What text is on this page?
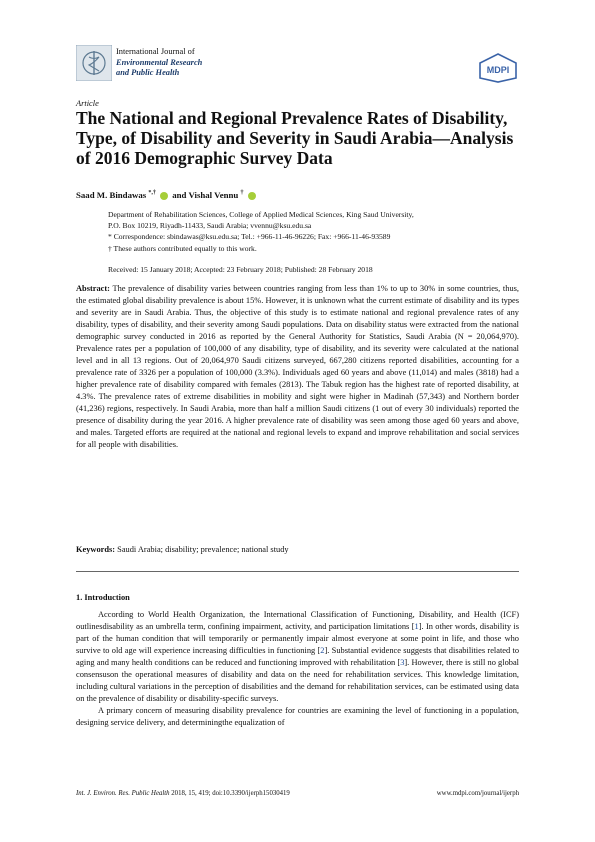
International Journal of
Environmental Research
and Public Health	MDPI
Article
The National and Regional Prevalence Rates of Disability, Type, of Disability and Severity in Saudi Arabia—Analysis of 2016 Demographic Survey Data
Saad M. Bindawas *,† and Vishal Vennu †
Department of Rehabilitation Sciences, College of Applied Medical Sciences, King Saud University,
P.O. Box 10219, Riyadh-11433, Saudi Arabia; vvennu@ksu.edu.sa
* Correspondence: sbindawas@ksu.edu.sa; Tel.: +966-11-46-96226; Fax: +966-11-46-93589
† These authors contributed equally to this work.
Received: 15 January 2018; Accepted: 23 February 2018; Published: 28 February 2018
Abstract: The prevalence of disability varies between countries ranging from less than 1% to up to 30% in some countries, thus, the estimated global disability prevalence is about 15%. However, it is unknown what the current estimate of disability and its types and severity are in Saudi Arabia. Thus, the objective of this study is to estimate national and regional prevalence rates of any disability, types of disability, and their severity among Saudi populations. Data on disability status were extracted from the national demographic survey conducted in 2016 as reported by the General Authority for Statistics, Saudi Arabia (N = 20,064,970). Prevalence rates per a population of 100,000 of any disability, type of disability, and its severity were calculated at the national level and in all 13 regions. Out of 20,064,970 Saudi citizens surveyed, 667,280 citizens reported disabilities, accounting for a prevalence rate of 3326 per a population of 100,000 (3.3%). Individuals aged 60 years and above (11,014) and males (3818) had a higher prevalence rate of disability compared with females (2813). The Tabuk region has the highest rate of reported disability, at 4.3%. The prevalence rates of extreme disabilities in mobility and sight were higher in Madinah (57,343) and Northern border (41,236) regions, respectively. In Saudi Arabia, more than half a million Saudi citizens (1 out of every 30 individuals) reported the presence of disability during the year 2016. A higher prevalence rate of disability was seen among those aged 60 years and above, and males. Targeted efforts are required at the national and regional levels to expand and improve rehabilitation and social services for all people with disabilities.
Keywords: Saudi Arabia; disability; prevalence; national study
1. Introduction

According to World Health Organization, the International Classification of Functioning, Disability, and Health (ICF) outlinesdisability as an umbrella term, confining impairment, activity, and participation limitations [1]. In other words, disability is part of the human condition that will temporarily or permanently impair almost everyone at some point in life, and those who survive to old age will experience increasing difficulties in functioning [2]. Substantial evidence suggests that disabilities related to aging and many health conditions can be reduced and functioning improved with rehabilitation [3]. However, there is still no global consensuson the operational measures of disability and data on the need for rehabilitation services. This knowledge limitation, including cultural variations in the perception of disabilities and the demand for rehabilitation services, can be estimated using data on the prevalence of disability or disability-specific surveys.

A primary concern of measuring disability prevalence for countries are examining the level of functioning in a population, designing service delivery, and determiningthe equalization of

Int. J. Environ. Res. Public Health 2018, 15, 419; doi:10.3390/ijerph15030419	www.mdpi.com/journal/ijerph
